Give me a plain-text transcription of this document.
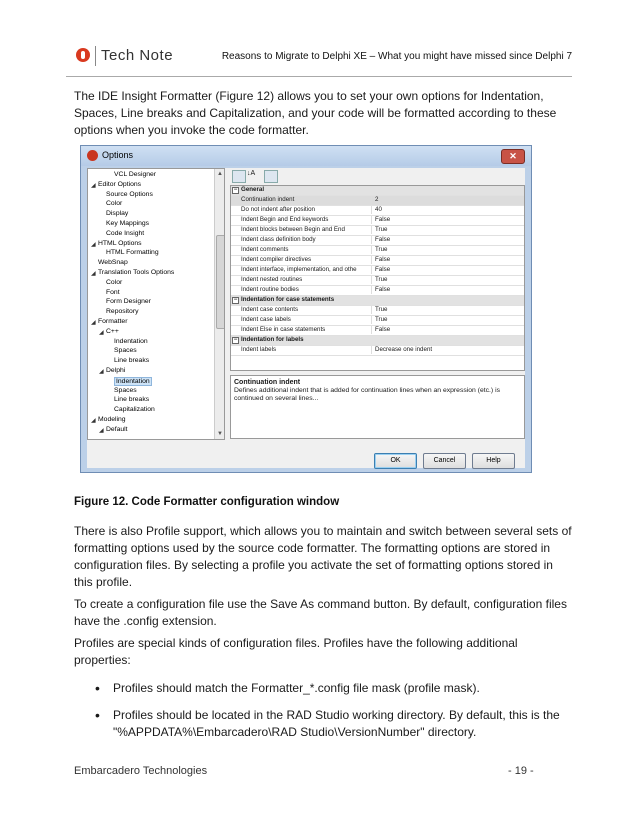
Tech Note	Reasons to Migrate to Delphi XE – What you might have missed since Delphi 7
The IDE Insight Formatter (Figure 12) allows you to set your own options for Indentation, Spaces, Line breaks and Capitalization, and your code will be formatted according to these options when you invoke the code formatter.
Options	✕
▲
▼
VCL Designer
◢ Editor Options
Source Options
Color
Display
Key Mappings
Code Insight
◢ HTML Options
HTML Formatting
WebSnap
◢ Translation Tools Options
Color
Font
Form Designer
Repository
◢ Formatter
◢ C++
Indentation
Spaces
Line breaks
◢ Delphi
Indentation
Spaces
Line breaks
Capitalization
◢ Modeling
◢ Default
↓A
− General
Continuation indent	2
Do not indent after position	40
Indent Begin and End keywords	False
Indent blocks between Begin and End	True
Indent class definition body	False
Indent comments	True
Indent compiler directives	False
Indent interface, implementation, and othe	False
Indent nested routines	True
Indent routine bodies	False
− Indentation for case statements
Indent case contents	True
Indent case labels	True
Indent Else in case statements	False
− Indentation for labels
Indent labels	Decrease one indent
Continuation indent
Defines additional indent that is added for continuation lines when an expression (etc.) is continued on several lines...
OK	Cancel	Help
Figure 12. Code Formatter configuration window
There is also Profile support, which allows you to maintain and switch between several sets of formatting options used by the source code formatter. The formatting options are stored in configuration files. By selecting a profile you activate the set of formatting options stored in this profile.
To create a configuration file use the Save As command button. By default, configuration files have the .config extension.
Profiles are special kinds of configuration files. Profiles have the following additional properties:
• Profiles should match the Formatter_*.config file mask (profile mask).
• Profiles should be located in the RAD Studio working directory. By default, this is the "%APPDATA%\Embarcadero\RAD Studio\VersionNumber" directory.
Embarcadero Technologies	- 19 -
